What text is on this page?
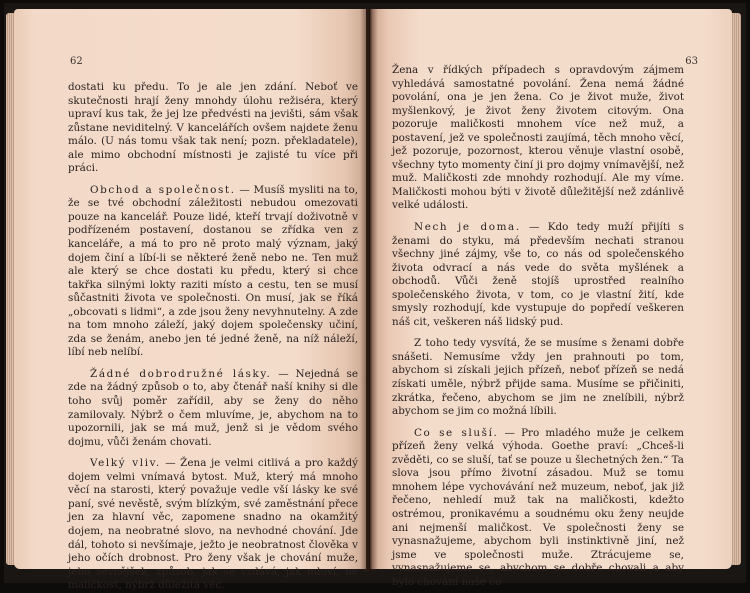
62

dostati ku předu. To je ale jen zdání. Neboť ve skutečnosti hrají ženy mnohdy úlohu režiséra, který upraví kus tak, že jej lze předvésti na jevišti, sám však zůstane neviditelný. V kancelářích ovšem najdete ženu málo. (U nás tomu však tak není; pozn. překladatele), ale mimo obchodní místnosti je zajisté tu více při práci.

Obchod a společnost. — Musíš mysliti na to, že se tvé obchodní záležitosti nebudou omezovati pouze na kancelář. Pouze lidé, kteří trvají doživotně v podřízeném postavení, dostanou se zřídka ven z kanceláře, a má to pro ně proto malý význam, jaký dojem činí a líbí-li se některé ženě nebo ne. Ten muž ale který se chce dostati ku předu, který si chce takřka silnými lokty raziti místo a cestu, ten se musí sůčastniti života ve společnosti. On musí, jak se říká „obcovati s lidmi“, a zde jsou ženy nevyhnutelny. A zde na tom mnoho záleží, jaký dojem společensky učiní, zda se ženám, anebo jen té jedné ženě, na níž náleží, líbí neb nelíbí.

Žádné dobrodružné lásky. — Nejedná se zde na žádný způsob o to, aby čtenář naší knihy si dle toho svůj poměr zařídil, aby se ženy do něho zamilovaly. Nýbrž o čem mluvíme, je, abychom na to upozornili, jak se má muž, jenž si je vědom svého dojmu, vůči ženám chovati.

Velký vliv. — Žena je velmi citlivá a pro každý dojem velmi vnímavá bytost. Muž, který má mnoho věcí na starosti, který považuje vedle vší lásky ke své paní, své nevěstě, svým blízkým, své zaměstnání přece jen za hlavní věc, zapomene snadno na okamžitý dojem, na neobratné slovo, na nevhodné chování. Jde dál, tohoto si nevšímaje, ježto je neobratnost člověka v jeho očích drobnost. Pro ženy však je chování muže, jeho zevnějšek, způsob, jak se vzdává, jak mluví, ne maličkost, nýbrž důležitá věc.

63

Žena v řídkých případech s opravdovým zájmem vyhledává samostatné povolání. Žena nemá žádné povolání, ona je jen žena. Co je život muže, život myšlenkový, je život ženy životem citovým. Ona pozoruje maličkosti mnohem více než muž, a postavení, jež ve společnosti zaujímá, těch mnoho věcí, jež pozoruje, pozornost, kterou věnuje vlastní osobě, všechny tyto momenty činí ji pro dojmy vnímavější, než muž. Maličkosti zde mnohdy rozhodují. Ale my víme. Maličkosti mohou býti v životě důležitější než zdánlivě velké události.

Nech je doma. — Kdo tedy muží přijíti s ženami do styku, má především nechati stranou všechny jiné zájmy, vše to, co nás od společenského života odvrací a nás vede do světa myšlének a obchodů. Vůči ženě stojíš uprostřed realního společenského života, v tom, co je vlastní žití, kde smysly rozhodují, kde vystupuje do popředí veškeren náš cit, veškeren náš lidský pud.

Z toho tedy vysvítá, že se musíme s ženami dobře snášeti. Nemusíme vždy jen prahnouti po tom, abychom si získali jejich přízeň, neboť přízeň se nedá získati uměle, nýbrž přijde sama. Musíme se přičiniti, zkrátka, řečeno, abychom se jim ne znelíbili, nýbrž abychom se jim co možná líbili.

Co se sluší. — Pro mladého muže je celkem přízeň ženy velká výhoda. Goethe praví: „Chceš-li zvěděti, co se sluší, tať se pouze u šlechetných žen.“ Ta slova jsou přímo životní zásadou. Muž se tomu mnohem lépe vychovávání než muzeum, neboť, jak již řečeno, nehledí muž tak na maličkosti, kdežto ostrémou, pronikavému a soudnému oku ženy neujde ani nejmenší maličkost. Ve společnosti ženy se vynasnažujeme, abychom byli instinktivně jiní, než jsme ve společnosti muže. Ztrácujeme se, vynasnažujeme se, abychom se dobře chovali a aby bylo chování naše co
